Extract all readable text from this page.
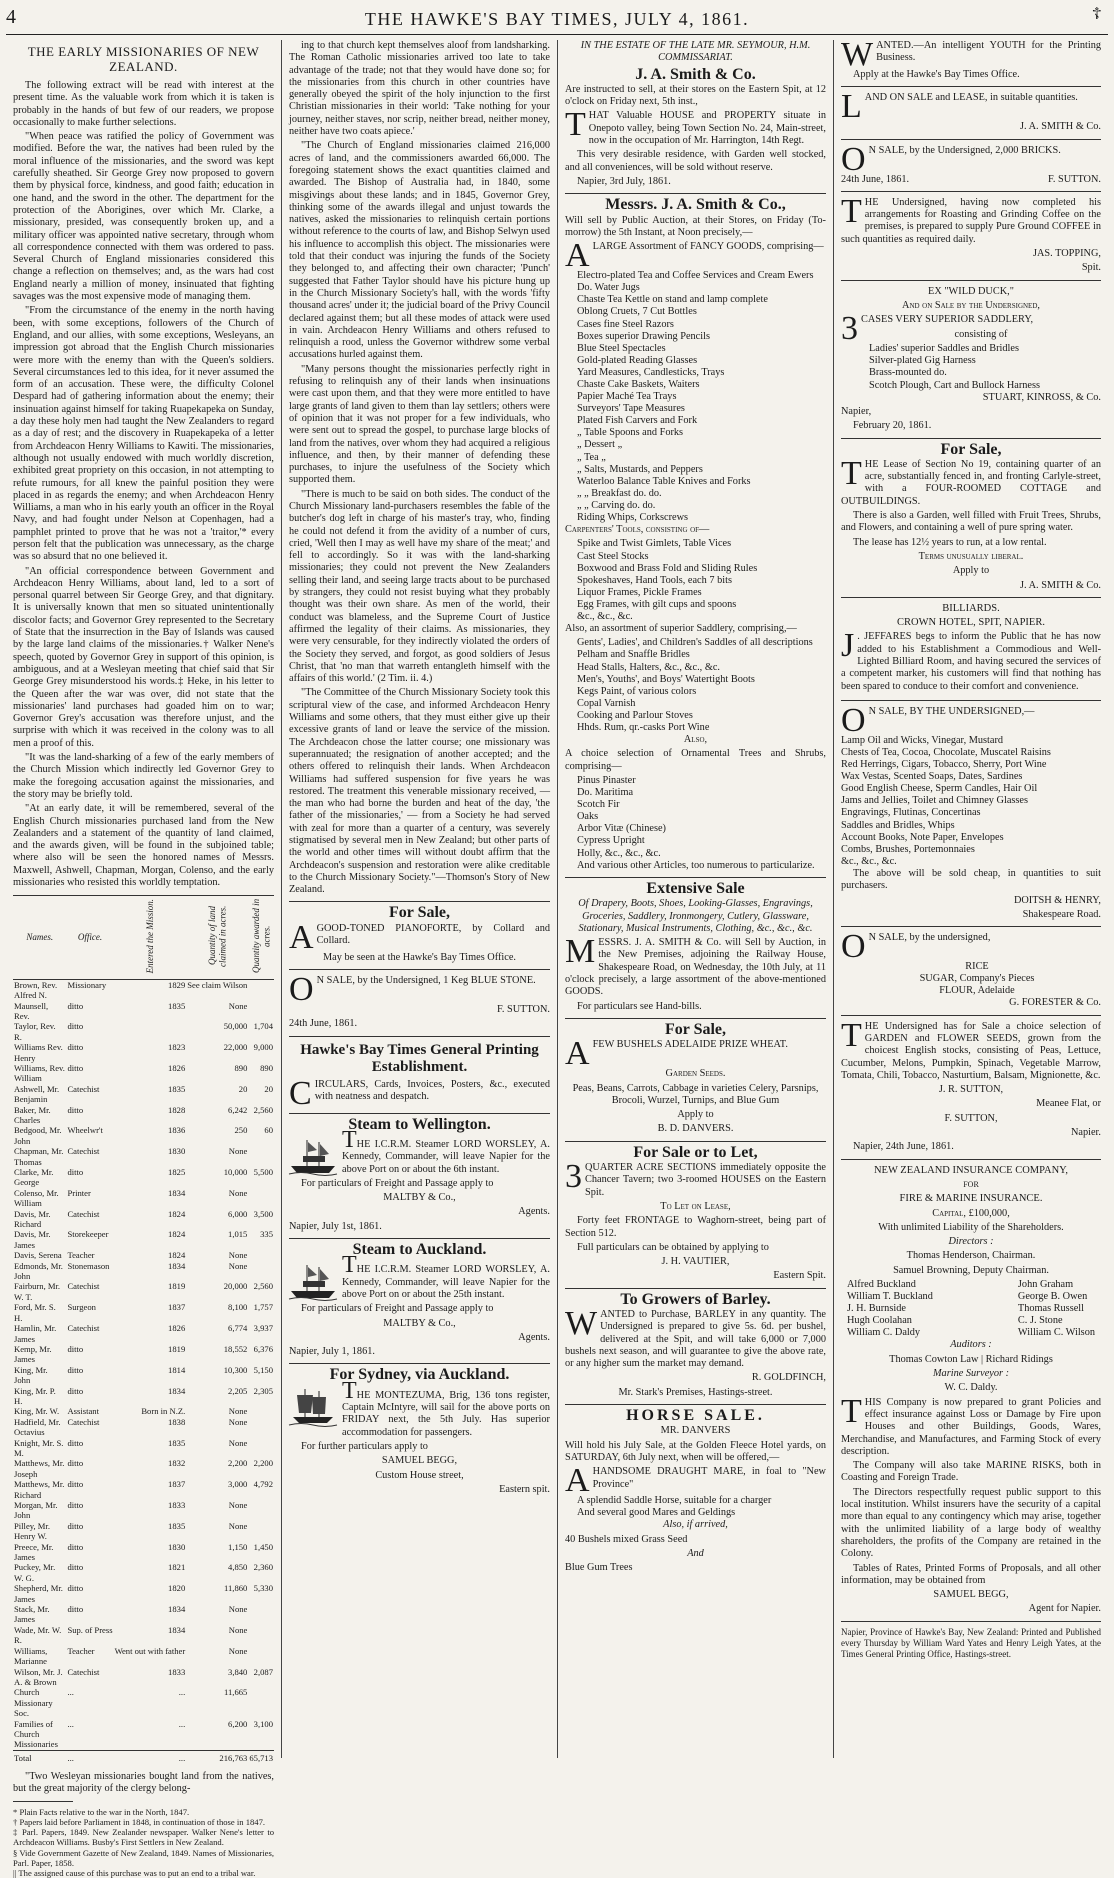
4	THE HAWKE'S BAY TIMES, JULY 4, 1861.	☦
THE EARLY MISSIONARIES OF NEW ZEALAND.

The following extract will be read with interest at the present time. As the valuable work from which it is taken is probably in the hands of but few of our readers, we propose occasionally to make further selections.

"When peace was ratified the policy of Government was modified. Before the war, the natives had been ruled by the moral influence of the missionaries, and the sword was kept carefully sheathed. Sir George Grey now proposed to govern them by physical force, kindness, and good faith; education in one hand, and the sword in the other. The department for the protection of the Aborigines, over which Mr. Clarke, a missionary, presided, was consequently broken up, and a military officer was appointed native secretary, through whom all correspondence connected with them was ordered to pass. Several Church of England missionaries considered this change a reflection on themselves; and, as the wars had cost England nearly a million of money, insinuated that fighting savages was the most expensive mode of managing them.

"From the circumstance of the enemy in the north having been, with some exceptions, followers of the Church of England, and our allies, with some exceptions, Wesleyans, an impression got abroad that the English Church missionaries were more with the enemy than with the Queen's soldiers. Several circumstances led to this idea, for it never assumed the form of an accusation. These were, the difficulty Colonel Despard had of gathering information about the enemy; their insinuation against himself for taking Ruapekapeka on Sunday, a day these holy men had taught the New Zealanders to regard as a day of rest; and the discovery in Ruapekapeka of a letter from Archdeacon Henry Williams to Kawiti. The missionaries, although not usually endowed with much worldly discretion, exhibited great propriety on this occasion, in not attempting to refute rumours, for all knew the painful position they were placed in as regards the enemy; and when Archdeacon Henry Williams, a man who in his early youth an officer in the Royal Navy, and had fought under Nelson at Copenhagen, had a pamphlet printed to prove that he was not a 'traitor,'* every person felt that the publication was unnecessary, as the charge was so absurd that no one believed it.

"An official correspondence between Government and Archdeacon Henry Williams, about land, led to a sort of personal quarrel between Sir George Grey, and that dignitary. It is universally known that men so situated unintentionally discolor facts; and Governor Grey represented to the Secretary of State that the insurrection in the Bay of Islands was caused by the large land claims of the missionaries.† Walker Nene's speech, quoted by Governor Grey in support of this opinion, is ambiguous, and at a Wesleyan meeting that chief said that Sir George Grey misunderstood his words.‡ Heke, in his letter to the Queen after the war was over, did not state that the missionaries' land purchases had goaded him on to war; Governor Grey's accusation was therefore unjust, and the surprise with which it was received in the colony was to all men a proof of this.

"It was the land-sharking of a few of the early members of the Church Mission which indirectly led Governor Grey to make the foregoing accusation against the missionaries, and the story may be briefly told.

"At an early date, it will be remembered, several of the English Church missionaries purchased land from the New Zealanders and a statement of the quantity of land claimed, and the awards given, will be found in the subjoined table; where also will be seen the honored names of Messrs. Maxwell, Ashwell, Chapman, Morgan, Colenso, and the early missionaries who resisted this worldly temptation.

Names.	Office.	Entered the Mission.	Quantity of land claimed in acres.	Quantity awarded in acres.
Brown, Rev. Alfred N.	Missionary	1829	See claim Wilson	
Maunsell, Rev.	ditto	1835	None	
Taylor, Rev. R.	ditto		50,000	1,704
Williams Rev. Henry	ditto	1823	22,000	9,000
Williams, Rev. William	ditto	1826	890	890
Ashwell, Mr. Benjamin	Catechist	1835	20	20
Baker, Mr. Charles	ditto	1828	6,242	2,560
Bedgood, Mr. John	Wheelwr't	1836	250	60
Chapman, Mr. Thomas	Catechist	1830	None	
Clarke, Mr. George	ditto	1825	10,000	5,500
Colenso, Mr. William	Printer	1834	None	
Davis, Mr. Richard	Catechist	1824	6,000	3,500
Davis, Mr. James	Storekeeper	1824	1,015	335
Davis, Serena	Teacher	1824	None	
Edmonds, Mr. John	Stonemason	1834	None	
Fairburn, Mr. W. T.	Catechist	1819	20,000	2,560
Ford, Mr. S. H.	Surgeon	1837	8,100	1,757
Hamlin, Mr. James	Catechist	1826	6,774	3,937
Kemp, Mr. James	ditto	1819	18,552	6,376
King, Mr. John	ditto	1814	10,300	5,150
King, Mr. P. H.	ditto	1834	2,205	2,305
King, Mr. W.	Assistant	Born in N.Z.	None	
Hadfield, Mr. Octavius	Catechist	1838	None	
Knight, Mr. S. M.	ditto	1835	None	
Matthews, Mr. Joseph	ditto	1832	2,200	2,200
Matthews, Mr. Richard	ditto	1837	3,000	4,792
Morgan, Mr. John	ditto	1833	None	
Pilley, Mr. Henry W.	ditto	1835	None	
Preece, Mr. James	ditto	1830	1,150	1,450
Puckey, Mr. W. G.	ditto	1821	4,850	2,360
Shepherd, Mr. James	ditto	1820	11,860	5,330
Stack, Mr. James	ditto	1834	None	
Wade, Mr. W. R.	Sup. of Press	1834	None	
Williams, Marianne	Teacher	Went out with father	None	
Wilson, Mr. J. A. & Brown	Catechist	1833	3,840	2,087
Church Missionary Soc.	...	...	11,665	
Families of Church Missionaries	...	...	6,200	3,100
Total	...	...	216,763	65,713

"Two Wesleyan missionaries bought land from the natives, but the great majority of the clergy belong-

* Plain Facts relative to the war in the North, 1847.

† Papers laid before Parliament in 1848, in continuation of those in 1847.

‡ Parl. Papers, 1849. New Zealander newspaper. Walker Nene's letter to Archdeacon Williams. Busby's First Settlers in New Zealand.

§ Vide Government Gazette of New Zealand, 1849. Names of Missionaries, Parl. Paper, 1858.

|| The assigned cause of this purchase was to put an end to a tribal war.

ing to that church kept themselves aloof from landsharking. The Roman Catholic missionaries arrived too late to take advantage of the trade; not that they would have done so; for the missionaries from this church in other countries have generally obeyed the spirit of the holy injunction to the first Christian missionaries in their world: 'Take nothing for your journey, neither staves, nor scrip, neither bread, neither money, neither have two coats apiece.'

"The Church of England missionaries claimed 216,000 acres of land, and the commissioners awarded 66,000. The foregoing statement shows the exact quantities claimed and awarded. The Bishop of Australia had, in 1840, some misgivings about these lands; and in 1845, Governor Grey, thinking some of the awards illegal and unjust towards the natives, asked the missionaries to relinquish certain portions without reference to the courts of law, and Bishop Selwyn used his influence to accomplish this object. The missionaries were told that their conduct was injuring the funds of the Society they belonged to, and affecting their own character; 'Punch' suggested that Father Taylor should have his picture hung up in the Church Missionary Society's hall, with the words 'fifty thousand acres' under it; the judicial board of the Privy Council declared against them; but all these modes of attack were used in vain. Archdeacon Henry Williams and others refused to relinquish a rood, unless the Governor withdrew some verbal accusations hurled against them.

"Many persons thought the missionaries perfectly right in refusing to relinquish any of their lands when insinuations were cast upon them, and that they were more entitled to have large grants of land given to them than lay settlers; others were of opinion that it was not proper for a few individuals, who were sent out to spread the gospel, to purchase large blocks of land from the natives, over whom they had acquired a religious influence, and then, by their manner of defending these purchases, to injure the usefulness of the Society which supported them.

"There is much to be said on both sides. The conduct of the Church Missionary land-purchasers resembles the fable of the butcher's dog left in charge of his master's tray, who, finding he could not defend it from the avidity of a number of curs, cried, 'Well then I may as well have my share of the meat;' and fell to accordingly. So it was with the land-sharking missionaries; they could not prevent the New Zealanders selling their land, and seeing large tracts about to be purchased by strangers, they could not resist buying what they probably thought was their own share. As men of the world, their conduct was blameless, and the Supreme Court of Justice affirmed the legality of their claims. As missionaries, they were very censurable, for they indirectly violated the orders of the Society they served, and forgot, as good soldiers of Jesus Christ, that 'no man that warreth entangleth himself with the affairs of this world.' (2 Tim. ii. 4.)

"The Committee of the Church Missionary Society took this scriptural view of the case, and informed Archdeacon Henry Williams and some others, that they must either give up their excessive grants of land or leave the service of the mission. The Archdeacon chose the latter course; one missionary was superannuated; the resignation of another accepted; and the others offered to relinquish their lands. When Archdeacon Williams had suffered suspension for five years he was restored. The treatment this venerable missionary received, — the man who had borne the burden and heat of the day, 'the father of the missionaries,' — from a Society he had served with zeal for more than a quarter of a century, was severely stigmatised by several men in New Zealand; but other parts of the world and other times will without doubt affirm that the Archdeacon's suspension and restoration were alike creditable to the Church Missionary Society."—Thomson's Story of New Zealand.

For Sale,

AGOOD-TONED PIANOFORTE, by Collard and Collard.

May be seen at the Hawke's Bay Times Office.

O N SALE, by the Undersigned, 1 Keg BLUE STONE.

F. SUTTON.

24th June, 1861.

Hawke's Bay Times General Printing Establishment.

CIRCULARS, Cards, Invoices, Posters, &c., executed with neatness and despatch.

Steam to Wellington.

THE I.C.R.M. Steamer LORD WORSLEY, A. Kennedy, Commander, will leave Napier for the above Port on or about the 6th instant.

For particulars of Freight and Passage apply to

MALTBY & Co.,

Agents.

Napier, July 1st, 1861.

Steam to Auckland.

THE I.C.R.M. Steamer LORD WORSLEY, A. Kennedy, Commander, will leave Napier for the above Port on or about the 25th instant.

For particulars of Freight and Passage apply to

MALTBY & Co.,

Agents.

Napier, July 1, 1861.

For Sydney, via Auckland.

THE MONTEZUMA, Brig, 136 tons register, Captain McIntyre, will sail for the above ports on FRIDAY next, the 5th July. Has superior accommodation for passengers.

For further particulars apply to

SAMUEL BEGG,

Custom House street,

Eastern spit.

IN THE ESTATE OF THE LATE MR. SEYMOUR, H.M. COMMISSARIAT.

J. A. Smith & Co.

Are instructed to sell, at their stores on the Eastern Spit, at 12 o'clock on Friday next, 5th inst.,

THAT Valuable HOUSE and PROPERTY situate in Onepoto valley, being Town Section No. 24, Main-street, now in the occupation of Mr. Harrington, 14th Regt.

This very desirable residence, with Garden well stocked, and all conveniences, will be sold without reserve.

Napier, 3rd July, 1861.

Messrs. J. A. Smith & Co.,

Will sell by Public Auction, at their Stores, on Friday (To-morrow) the 5th Instant, at Noon precisely,—

ALARGE Assortment of FANCY GOODS, comprising—

Electro-plated Tea and Coffee Services and Cream Ewers
Do. Water Jugs
Chaste Tea Kettle on stand and lamp complete
Oblong Cruets, 7 Cut Bottles
Cases fine Steel Razors
Boxes superior Drawing Pencils
Blue Steel Spectacles
Gold-plated Reading Glasses
Yard Measures, Candlesticks, Trays
Chaste Cake Baskets, Waiters
Papier Maché Tea Trays
Surveyors' Tape Measures
Plated Fish Carvers and Fork
„ Table Spoons and Forks
„ Dessert „
„ Tea „
„ Salts, Mustards, and Peppers
Waterloo Balance Table Knives and Forks
„ „ Breakfast do. do.
„ „ Carving do. do.
Riding Whips, Corkscrews

Carpenters' Tools, consisting of—

Spike and Twist Gimlets, Table Vices
Cast Steel Stocks
Boxwood and Brass Fold and Sliding Rules
Spokeshaves, Hand Tools, each 7 bits
Liquor Frames, Pickle Frames
Egg Frames, with gilt cups and spoons
&c., &c., &c.

Also, an assortment of superior Saddlery, comprising,—

Gents', Ladies', and Children's Saddles of all descriptions
Pelham and Snaffle Bridles
Head Stalls, Halters, &c., &c., &c.
Men's, Youths', and Boys' Watertight Boots
Kegs Paint, of various colors
Copal Varnish
Cooking and Parlour Stoves
Hhds. Rum, qr.-casks Port Wine

Also,

A choice selection of Ornamental Trees and Shrubs, comprising—

Pinus Pinaster
Do. Maritima
Scotch Fir
Oaks
Arbor Vitæ (Chinese)
Cypress Upright
Holly, &c., &c., &c.

And various other Articles, too numerous to particularize.

Extensive Sale

Of Drapery, Boots, Shoes, Looking-Glasses, Engravings, Groceries, Saddlery, Ironmongery, Cutlery, Glassware, Stationary, Musical Instruments, Clothing, &c., &c., &c.

MESSRS. J. A. SMITH & Co. will Sell by Auction, in the New Premises, adjoining the Railway House, Shakespeare Road, on Wednesday, the 10th July, at 11 o'clock precisely, a large assortment of the above-mentioned GOODS.

For particulars see Hand-bills.

For Sale,

AFEW BUSHELS ADELAIDE PRIZE WHEAT.

Garden Seeds.

Peas, Beans, Carrots, Cabbage in varieties Celery, Parsnips, Brocoli, Wurzel, Turnips, and Blue Gum

Apply to

B. D. DANVERS.

For Sale or to Let,

3 QUARTER ACRE SECTIONS immediately opposite the Chancer Tavern; two 3-roomed HOUSES on the Eastern Spit.

To Let on Lease,

Forty feet FRONTAGE to Waghorn-street, being part of Section 512.

Full particulars can be obtained by applying to

J. H. VAUTIER,

Eastern Spit.

To Growers of Barley.

WANTED to Purchase, BARLEY in any quantity. The Undersigned is prepared to give 5s. 6d. per bushel, delivered at the Spit, and will take 6,000 or 7,000 bushels next season, and will guarantee to give the above rate, or any higher sum the market may demand.

R. GOLDFINCH,

Mr. Stark's Premises, Hastings-street.

HORSE SALE.

MR. DANVERS

Will hold his July Sale, at the Golden Fleece Hotel yards, on SATURDAY, 6th July next, when will be offered,—

AHANDSOME DRAUGHT MARE, in foal to "New Province"

A splendid Saddle Horse, suitable for a charger
And several good Mares and Geldings

Also, if arrived,

40 Bushels mixed Grass Seed

And

Blue Gum Trees

WANTED.—An intelligent YOUTH for the Printing Business.

Apply at the Hawke's Bay Times Office.

LAND ON SALE and LEASE, in suitable quantities.

J. A. SMITH & Co.

O N SALE, by the Undersigned, 2,000 BRICKS.

24th June, 1861.	F. SUTTON.

THE Undersigned, having now completed his arrangements for Roasting and Grinding Coffee on the premises, is prepared to supply Pure Ground COFFEE in such quantities as required daily.

JAS. TOPPING,

Spit.

EX "WILD DUCK,"

And on Sale by the Undersigned,

3 CASES VERY SUPERIOR SADDLERY,

consisting of

Ladies' superior Saddles and Bridles
Silver-plated Gig Harness
Brass-mounted do.
Scotch Plough, Cart and Bullock Harness

STUART, KINROSS, & Co.

Napier,

February 20, 1861.

For Sale,

THE Lease of Section No 19, containing quarter of an acre, substantially fenced in, and fronting Carlyle-street, with a FOUR-ROOMED COTTAGE and OUTBUILDINGS.

There is also a Garden, well filled with Fruit Trees, Shrubs, and Flowers, and containing a well of pure spring water.

The lease has 12½ years to run, at a low rental.

Terms unusually liberal.

Apply to

J. A. SMITH & Co.

BILLIARDS.

CROWN HOTEL, SPIT, NAPIER.

J . JEFFARES begs to inform the Public that he has now added to his Establishment a Commodious and Well-Lighted Billiard Room, and having secured the services of a competent marker, his customers will find that nothing has been spared to conduce to their comfort and convenience.

O N SALE, BY THE UNDERSIGNED,—

Lamp Oil and Wicks, Vinegar, Mustard
Chests of Tea, Cocoa, Chocolate, Muscatel Raisins
Red Herrings, Cigars, Tobacco, Sherry, Port Wine
Wax Vestas, Scented Soaps, Dates, Sardines
Good English Cheese, Sperm Candles, Hair Oil
Jams and Jellies, Toilet and Chimney Glasses
Engravings, Flutinas, Concertinas
Saddles and Bridles, Whips
Account Books, Note Paper, Envelopes
Combs, Brushes, Portemonnaies
&c., &c., &c.

The above will be sold cheap, in quantities to suit purchasers.

DOITSH & HENRY,

Shakespeare Road.

O N SALE, by the undersigned,

RICE
SUGAR, Company's Pieces
FLOUR, Adelaide

G. FORESTER & Co.

THE Undersigned has for Sale a choice selection of GARDEN and FLOWER SEEDS, grown from the choicest English stocks, consisting of Peas, Lettuce, Cucumber, Melons, Pumpkin, Spinach, Vegetable Marrow, Tomata, Chili, Tobacco, Nasturtium, Balsam, Mignionette, &c.

J. R. SUTTON,

Meanee Flat, or

F. SUTTON,

Napier.

Napier, 24th June, 1861.

NEW ZEALAND INSURANCE COMPANY,

FOR

FIRE & MARINE INSURANCE.

Capital, £100,000,

With unlimited Liability of the Shareholders.

Directors :

Thomas Henderson, Chairman.

Samuel Browning, Deputy Chairman.

Alfred Buckland
William T. Buckland
J. H. Burnside
Hugh Coolahan
William C. Daldy
John Graham
George B. Owen
Thomas Russell
C. J. Stone
William C. Wilson

Auditors :

Thomas Cowton Law | Richard Ridings

Marine Surveyor :

W. C. Daldy.

THIS Company is now prepared to grant Policies and effect insurance against Loss or Damage by Fire upon Houses and other Buildings, Goods, Wares, Merchandise, and Manufactures, and Farming Stock of every description.

The Company will also take MARINE RISKS, both in Coasting and Foreign Trade.

The Directors respectfully request public support to this local institution. Whilst insurers have the security of a capital more than equal to any contingency which may arise, together with the unlimited liability of a large body of wealthy shareholders, the profits of the Company are retained in the Colony.

Tables of Rates, Printed Forms of Proposals, and all other information, may be obtained from

SAMUEL BEGG,

Agent for Napier.

Napier, Province of Hawke's Bay, New Zealand: Printed and Published every Thursday by William Ward Yates and Henry Leigh Yates, at the Times General Printing Office, Hastings-street.
